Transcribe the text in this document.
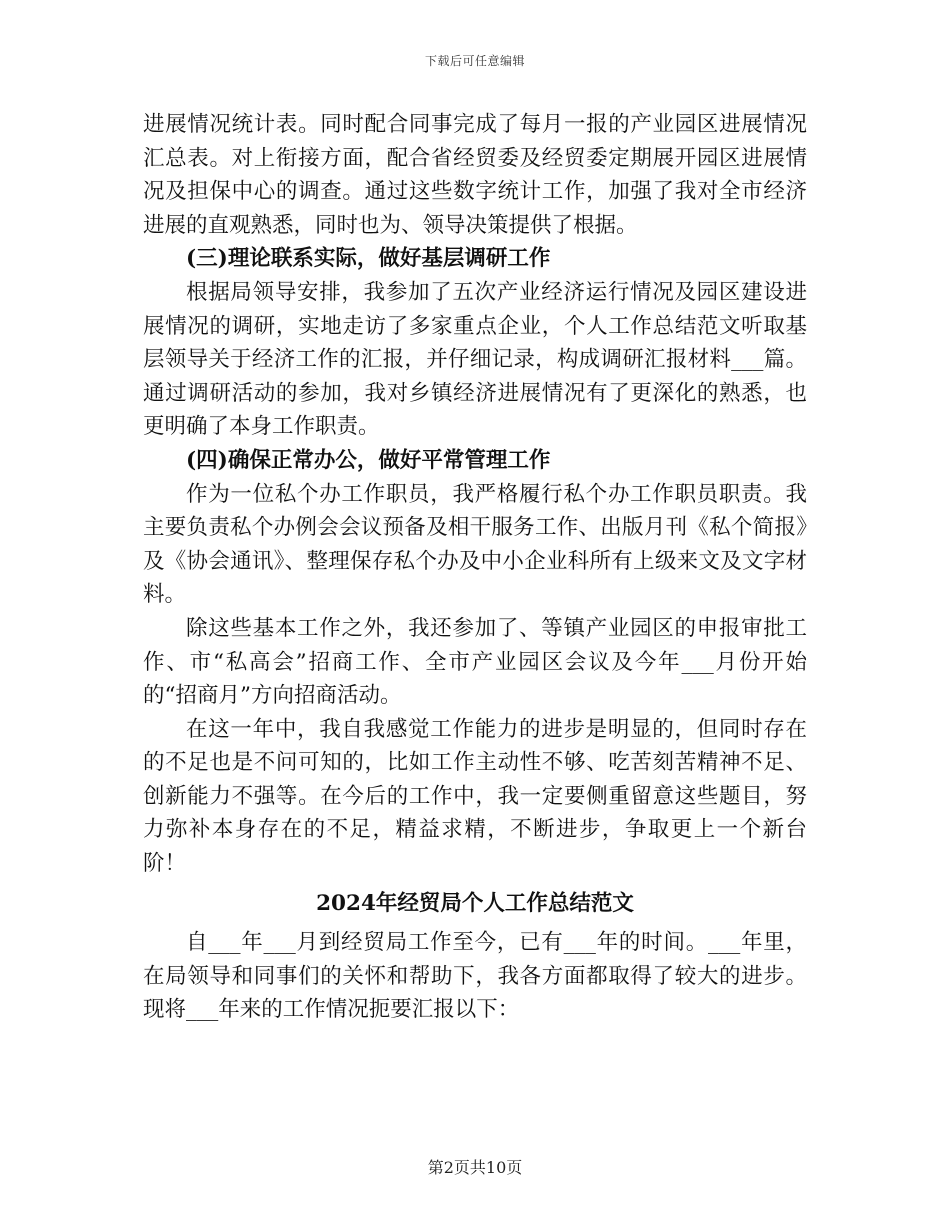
下载后可任意编辑

进展情况统计表。同时配合同事完成了每月一报的产业园区进展情况汇总表。对上衔接方面，配合省经贸委及经贸委定期展开园区进展情况及担保中心的调查。通过这些数字统计工作，加强了我对全市经济进展的直观熟悉，同时也为、领导决策提供了根据。

(三)理论联系实际，做好基层调研工作

根据局领导安排，我参加了五次产业经济运行情况及园区建设进展情况的调研，实地走访了多家重点企业，个人工作总结范文听取基层领导关于经济工作的汇报，并仔细记录，构成调研汇报材料___篇。通过调研活动的参加，我对乡镇经济进展情况有了更深化的熟悉，也更明确了本身工作职责。

(四)确保正常办公，做好平常管理工作

作为一位私个办工作职员，我严格履行私个办工作职员职责。我主要负责私个办例会会议预备及相干服务工作、出版月刊《私个简报》及《协会通讯》、整理保存私个办及中小企业科所有上级来文及文字材料。

除这些基本工作之外，我还参加了、等镇产业园区的申报审批工作、市“私高会”招商工作、全市产业园区会议及今年___月份开始的“招商月”方向招商活动。

在这一年中，我自我感觉工作能力的进步是明显的，但同时存在的不足也是不问可知的，比如工作主动性不够、吃苦刻苦精神不足、创新能力不强等。在今后的工作中，我一定要侧重留意这些题目，努力弥补本身存在的不足，精益求精，不断进步，争取更上一个新台阶！

2024年经贸局个人工作总结范文

自___年___月到经贸局工作至今，已有___年的时间。___年里，在局领导和同事们的关怀和帮助下，我各方面都取得了较大的进步。现将___年来的工作情况扼要汇报以下：

第2页共10页
